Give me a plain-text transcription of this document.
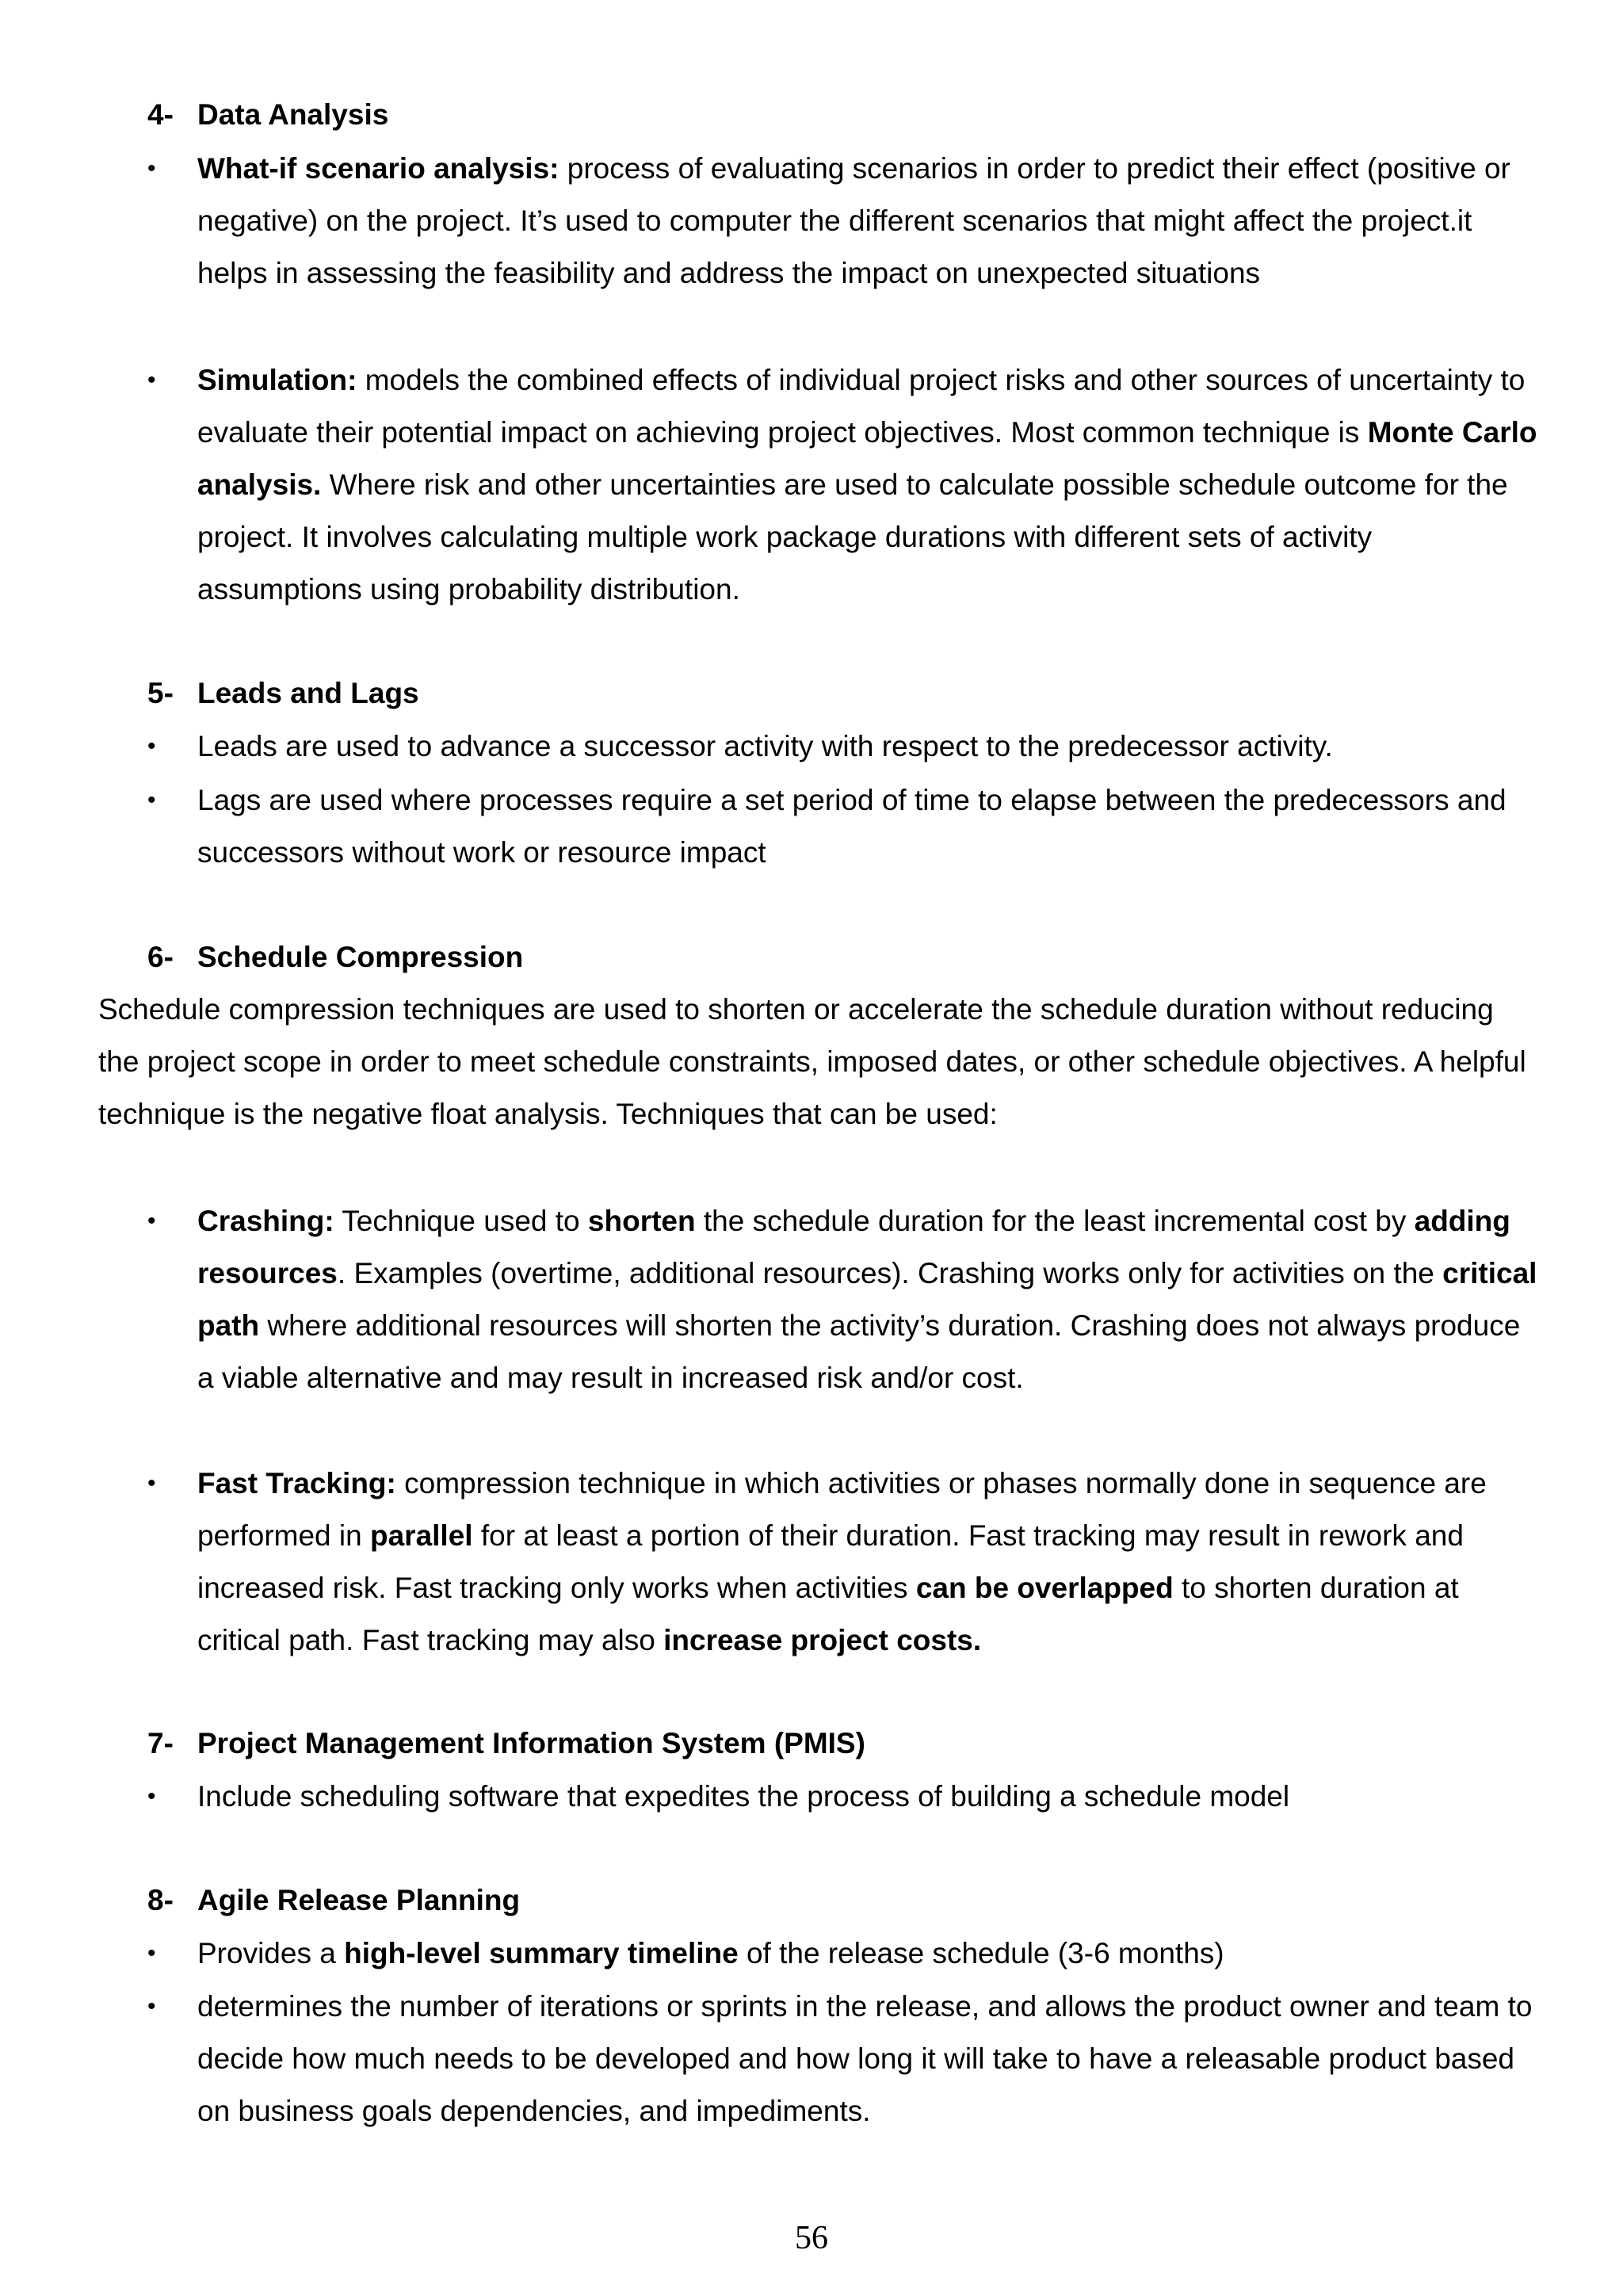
4- Data Analysis
• What-if scenario analysis: process of evaluating scenarios in order to predict their effect (positive or negative) on the project. It’s used to computer the different scenarios that might affect the project.it helps in assessing the feasibility and address the impact on unexpected situations
• Simulation: models the combined effects of individual project risks and other sources of uncertainty to evaluate their potential impact on achieving project objectives. Most common technique is Monte Carlo analysis. Where risk and other uncertainties are used to calculate possible schedule outcome for the project. It involves calculating multiple work package durations with different sets of activity assumptions using probability distribution.
5- Leads and Lags
• Leads are used to advance a successor activity with respect to the predecessor activity.
• Lags are used where processes require a set period of time to elapse between the predecessors and successors without work or resource impact
6- Schedule Compression
Schedule compression techniques are used to shorten or accelerate the schedule duration without reducing the project scope in order to meet schedule constraints, imposed dates, or other schedule objectives. A helpful technique is the negative float analysis. Techniques that can be used:
• Crashing: Technique used to shorten the schedule duration for the least incremental cost by adding resources. Examples (overtime, additional resources). Crashing works only for activities on the critical path where additional resources will shorten the activity’s duration. Crashing does not always produce a viable alternative and may result in increased risk and/or cost.
• Fast Tracking: compression technique in which activities or phases normally done in sequence are performed in parallel for at least a portion of their duration. Fast tracking may result in rework and increased risk. Fast tracking only works when activities can be overlapped to shorten duration at critical path. Fast tracking may also increase project costs.
7- Project Management Information System (PMIS)
• Include scheduling software that expedites the process of building a schedule model
8- Agile Release Planning
• Provides a high-level summary timeline of the release schedule (3-6 months)
• determines the number of iterations or sprints in the release, and allows the product owner and team to decide how much needs to be developed and how long it will take to have a releasable product based on business goals dependencies, and impediments.
56
